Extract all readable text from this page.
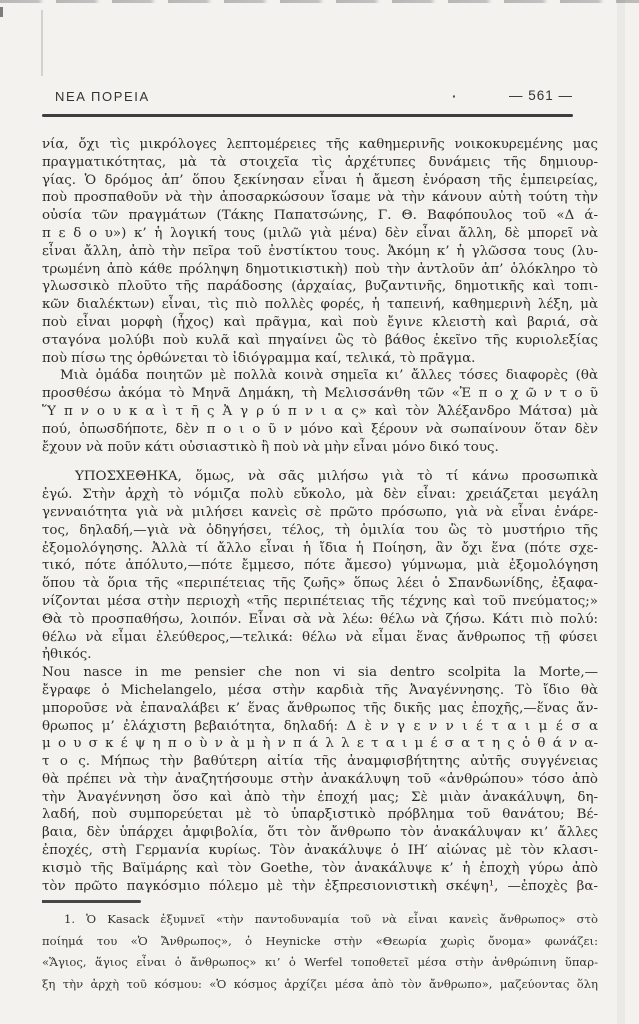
ΝΕΑ ΠΟΡΕΙΑ	·	— 561 —
νία, ὄχι τὶς μικρόλογες λεπτομέρειες τῆς καθημερινῆς νοικοκυρεμένης μας
πραγματικότητας, μὰ τὰ στοιχεῖα τὶς ἀρχέτυπες δυνάμεις τῆς δημιουρ-
γίας. Ὁ δρόμος ἀπ’ ὅπου ξεκίνησαν εἶναι ἡ ἄμεση ἐνόραση τῆς ἐμπειρείας,
ποὺ προσπαθοῦν νὰ τὴν ἀποσαρκώσουν ἴσαμε νὰ τὴν κάνουν αὐτὴ τούτη τὴν
οὐσία τῶν πραγμάτων (Τάκης Παπατσώνης, Γ. Θ. Βαφόπουλος τοῦ «Δ ά-
π ε δ ο υ») κ’ ἡ λογική τους (μιλῶ γιὰ μένα) δὲν εἶναι ἄλλη, δὲ μπορεῖ νὰ
εἶναι ἄλλη, ἀπὸ τὴν πεῖρα τοῦ ἐνστίκτου τους. Ἀκόμη κ’ ἡ γλῶσσα τους (λυ-
τρωμένη ἀπὸ κάθε πρόληψη δημοτικιστικὴ) ποὺ τὴν ἀντλοῦν ἀπ’ ὁλόκληρο τὸ
γλωσσικὸ πλοῦτο τῆς παράδοσης (ἀρχαίας, βυζαντινῆς, δημοτικῆς καὶ τοπι-
κῶν διαλέκτων) εἶναι, τὶς πιὸ πολλὲς φορές, ἡ ταπεινή, καθημερινὴ λέξη, μὰ
ποὺ εἶναι μορφὴ (ἦχος) καὶ πρᾶγμα, καὶ ποὺ ἔγινε κλειστὴ καὶ βαριά, σὰ
σταγόνα μολύβι ποὺ κυλᾶ καὶ πηγαίνει ὣς τὸ βάθος ἐκεῖνο τῆς κυριολεξίας
ποὺ πίσω της ὀρθώνεται τὸ ἰδιόγραμμα καί, τελικά, τὸ πρᾶγμα.
Μιὰ ὁμάδα ποιητῶν μὲ πολλὰ κοινὰ σημεῖα κι’ ἄλλες τόσες διαφορὲς (θὰ
προσθέσω ἀκόμα τὸ Μηνᾶ Δημάκη, τὴ Μελισσάνθη τῶν «Ἐ π ο χ ῶ ν τ ο ῦ
Ὕ π ν ο υ κ α ὶ τ ῆ ς Ἀ γ ρ ύ π ν ι α ς» καὶ τὸν Ἀλέξανδρο Μάτσα) μὰ
πού, ὁπωσδήποτε, δὲν π ο ι ο ῦ ν μόνο καὶ ξέρουν νὰ σωπαίνουν ὅταν δὲν
ἔχουν νὰ ποῦν κάτι οὐσιαστικὸ ἢ ποὺ νὰ μὴν εἶναι μόνο δικό τους.
ΥΠΟΣΧΕΘΗΚΑ, ὅμως, νὰ σᾶς μιλήσω γιὰ τὸ τί κάνω προσωπικὰ
ἐγώ. Στὴν ἀρχὴ τὸ νόμιζα πολὺ εὔκολο, μὰ δὲν εἶναι: χρειάζεται μεγάλη
γενναιότητα γιὰ νὰ μιλήσει κανεὶς σὲ πρῶτο πρόσωπο, γιὰ νὰ εἶναι ἐνάρε-
τος, δηλαδή,—γιὰ νὰ ὁδηγήσει, τέλος, τὴ ὁμιλία του ὣς τὸ μυστήριο τῆς
ἐξομολόγησης. Ἀλλὰ τί ἄλλο εἶναι ἡ ἴδια ἡ Ποίηση, ἂν ὄχι ἕνα (πότε σχε-
τικό, πότε ἀπόλυτο,—πότε ἔμμεσο, πότε ἄμεσο) γύμνωμα, μιὰ ἐξομολόγηση
ὅπου τὰ ὅρια τῆς «περιπέτειας τῆς ζωῆς» ὅπως λέει ὁ Σπανδωνίδης, ἐξαφα-
νίζονται μέσα στὴν περιοχὴ «τῆς περιπέτειας τῆς τέχνης καὶ τοῦ πνεύματος;»
Θὰ τὸ προσπαθήσω, λοιπόν. Εἶναι σὰ νὰ λέω: θέλω νὰ ζήσω. Κάτι πιὸ πολύ:
θέλω νὰ εἶμαι ἐλεύθερος,—τελικά: θέλω νὰ εἶμαι ἕνας ἄνθρωπος τῇ φύσει
ἠθικός.
Nou nasce in me pensier che non vi sia dentro scolpita la Morte,—
ἔγραφε ὁ Michelangelo, μέσα στὴν καρδιὰ τῆς Ἀναγέννησης. Τὸ ἴδιο θὰ
μποροῦσε νὰ ἐπαναλάβει κ’ ἕνας ἄνθρωπος τῆς δικῆς μας ἐποχῆς,—ἕνας ἄν-
θρωπος μ’ ἐλάχιστη βεβαιότητα, δηλαδή: Δ ὲ ν γ ε ν ν ι έ τ α ι μ έ σ α
μ ο υ σ κ έ ψ η π ο ὺ ν ὰ μ ὴ ν π ά λ λ ε τ α ι μ έ σ α τ η ς ὁ θ ά ν α-
τ ο ς. Μήπως τὴν βαθύτερη αἰτία τῆς ἀναμφισβήτητης αὐτῆς συγγένειας
θὰ πρέπει νὰ τὴν ἀναζητήσουμε στὴν ἀνακάλυψη τοῦ «ἀνθρώπου» τόσο ἀπὸ
τὴν Ἀναγέννηση ὅσο καὶ ἀπὸ τὴν ἐποχή μας; Σὲ μιὰν ἀνακάλυψη, δη-
λαδή, ποὺ συμπορεύεται μὲ τὸ ὑπαρξιστικὸ πρόβλημα τοῦ θανάτου; Βέ-
βαια, δὲν ὑπάρχει ἀμφιβολία, ὅτι τὸν ἄνθρωπο τὸν ἀνακάλυψαν κι’ ἄλλες
ἐποχές, στὴ Γερμανία κυρίως. Τὸν ἀνακάλυψε ὁ ΙΗ′ αἰώνας μὲ τὸν κλασι-
κισμὸ τῆς Βαϊμάρης καὶ τὸν Goethe, τὸν ἀνακάλυψε κ’ ἡ ἐποχὴ γύρω ἀπὸ
τὸν πρῶτο παγκόσμιο πόλεμο μὲ τὴν ἐξπρεσιονιστικὴ σκέψη¹, —ἐποχὲς βα-
1. Ὁ Kasack ἐξυμνεῖ «τὴν παντοδυναμία τοῦ νὰ εἶναι κανεὶς ἄνθρωπος» στὸ
ποίημά του «Ὁ Ἄνθρωπος», ὁ Heynicke στὴν «Θεωρία χωρὶς ὄνομα» φωνάζει:
«Ἅγιος, ἅγιος εἶναι ὁ ἄνθρωπος» κι’ ὁ Werfel τοποθετεῖ μέσα στὴν ἀνθρώπινη ὕπαρ-
ξη τὴν ἀρχὴ τοῦ κόσμου: «Ὁ κόσμος ἀρχίζει μέσα ἀπὸ τὸν ἄνθρωπο», μαζεύοντας ὅλη
